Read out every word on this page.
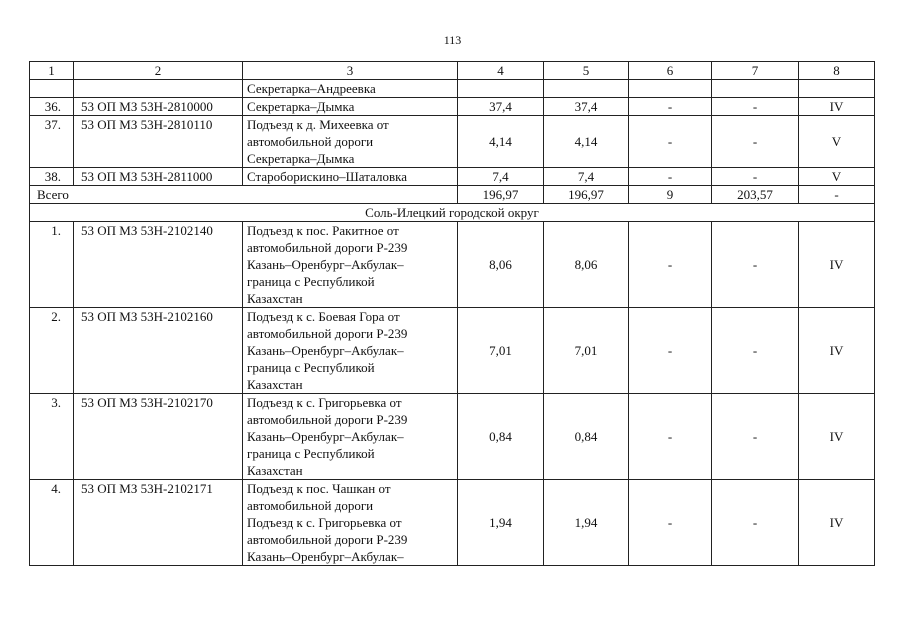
113
1	2	3	4	5	6	7	8
		Секретарка–Андреевка					
36.	53 ОП МЗ 53Н-2810000	Секретарка–Дымка	37,4	37,4	-	-	IV
37.	53 ОП МЗ 53Н-2810110	Подъезд к д. Михеевка от
автомобильной дороги
Секретарка–Дымка	4,14	4,14	-	-	V
38.	53 ОП МЗ 53Н-2811000	Староборискино–Шаталовка	7,4	7,4	-	-	V
Всего			196,97	196,97	9	203,57	-
Соль-Илецкий городской округ							
1.	53 ОП МЗ 53Н-2102140	Подъезд к пос. Ракитное от
автомобильной дороги Р-239
Казань–Оренбург–Акбулак–
граница с Республикой
Казахстан	8,06	8,06	-	-	IV
2.	53 ОП МЗ 53Н-2102160	Подъезд к с. Боевая Гора от
автомобильной дороги Р-239
Казань–Оренбург–Акбулак–
граница с Республикой
Казахстан	7,01	7,01	-	-	IV
3.	53 ОП МЗ 53Н-2102170	Подъезд к с. Григорьевка от
автомобильной дороги Р-239
Казань–Оренбург–Акбулак–
граница с Республикой
Казахстан	0,84	0,84	-	-	IV
4.	53 ОП МЗ 53Н-2102171	Подъезд к пос. Чашкан от
автомобильной дороги
Подъезд к с. Григорьевка от
автомобильной дороги Р-239
Казань–Оренбург–Акбулак–	1,94	1,94	-	-	IV
